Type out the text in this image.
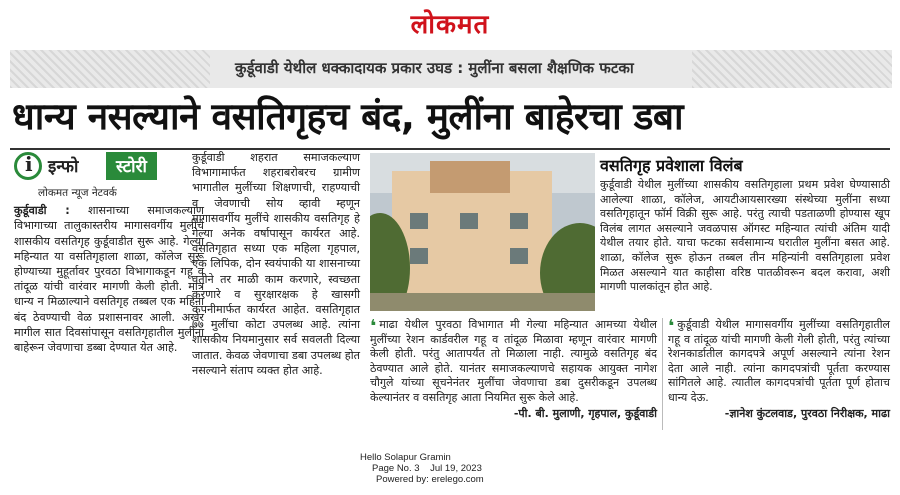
लोकमत
कुर्डूवाडी येथील धक्कादायक प्रकार उघड : मुलींना बसला शैक्षणिक फटका
धान्य नसल्याने वसतिगृहच बंद, मुलींना बाहेरचा डबा
i
इन्फो	स्टोरी
लोकमत न्यूज नेटवर्क
कुर्डूवाडी : शासनाच्या समाजकल्याण विभागाच्या तालुकास्तरीय मागासवर्गीय मुलींचे शासकीय वसतिगृह कुर्डूवाडीत सुरू आहे. गेल्या महिन्यात या वसतिगृहाला शाळा, कॉलेज सुरू होण्याच्या मुहूर्तावर पुरवठा विभागाकडून गहू व तांदूळ यांची वारंवार मागणी केली होती. मात्र धान्य न मिळाल्याने वसतिगृह तब्बल एक महिना बंद ठेवण्याची वेळ प्रशासनावर आली. अखेर मागील सात दिवसांपासून वसतिगृहातील मुलींना बाहेरून जेवणाचा डब्बा देण्यात येत आहे.
कुर्डूवाडी शहरात समाजकल्याण विभागामार्फत शहराबरोबरच ग्रामीण भागातील मुलींच्या शिक्षणाची, राहण्याची व जेवणाची सोय व्हावी म्हणून मागासवर्गीय मुलींचे शासकीय वसतिगृह हे गेल्या अनेक वर्षापासून कार्यरत आहे. वसतिगृहात सध्या एक महिला गृहपाल, एक लिपिक, दोन स्वयंपाकी या शासनाच्या वतीने तर माळी काम करणारे, स्वच्छता करणारे व सुरक्षारक्षक हे खासगी कंपनीमार्फत कार्यरत आहेत. वसतिगृहात ७७ मुलींचा कोटा उपलब्ध आहे. त्यांना शासकीय नियमानुसार सर्व सवलती दिल्या जातात. केवळ जेवणाचा डबा उपलब्ध होत नसल्याने संताप व्यक्त होत आहे.
वसतिगृह प्रवेशाला विलंब
कुर्डूवाडी येथील मुलींच्या शासकीय वसतिगृहाला प्रथम प्रवेश घेण्यासाठी आलेल्या शाळा, कॉलेज, आयटीआयसारख्या संस्थेच्या मुलींना सध्या वसतिगृहातून फॉर्म विक्री सुरू आहे. परंतु त्याची पडताळणी होण्यास खूप विलंब लागत असल्याने जवळपास ऑगस्ट महिन्यात त्यांची अंतिम यादी येथील तयार होते. याचा फटका सर्वसामान्य घरातील मुलींना बसत आहे. शाळा, कॉलेज सुरू होऊन तब्बल तीन महिन्यांनी वसतिगृहाला प्रवेश मिळत असल्याने यात काहीसा वरिष्ठ पातळीवरून बदल करावा, अशी मागणी पालकांतून होत आहे.
❛ माढा येथील पुरवठा विभागात मी गेल्या महिन्यात आमच्या येथील मुलींच्या रेशन कार्डवरील गहू व तांदूळ मिळावा म्हणून वारंवार मागणी केली होती. परंतु आतापर्यंत तो मिळाला नाही. त्यामुळे वसतिगृह बंद ठेवण्यात आले होते. यानंतर समाजकल्याणचे सहायक आयुक्त नागेश चौगुले यांच्या सूचनेनंतर मुलींचा जेवणाचा डबा दुसरीकडून उपलब्ध केल्यानंतर व वसतिगृह आता नियमित सुरू केले आहे.
-पी. बी. मुलाणी, गृहपाल, कुर्डूवाडी
❛ कुर्डूवाडी येथील मागासवर्गीय मुलींच्या वसतिगृहातील गहू व तांदूळ यांची मागणी केली गेली होती, परंतु त्यांच्या रेशनकार्डातील कागदपत्रे अपूर्ण असल्याने त्यांना रेशन देता आले नाही. त्यांना कागदपत्रांची पूर्तता करण्यास सांगितले आहे. त्यातील कागदपत्रांची पूर्तता पूर्ण होताच धान्य देऊ.
-ज्ञानेश कुंटलवाड, पुरवठा निरीक्षक, माढा
Hello Solapur Gramin
Page No. 3    Jul 19, 2023
Powered by: erelego.com
